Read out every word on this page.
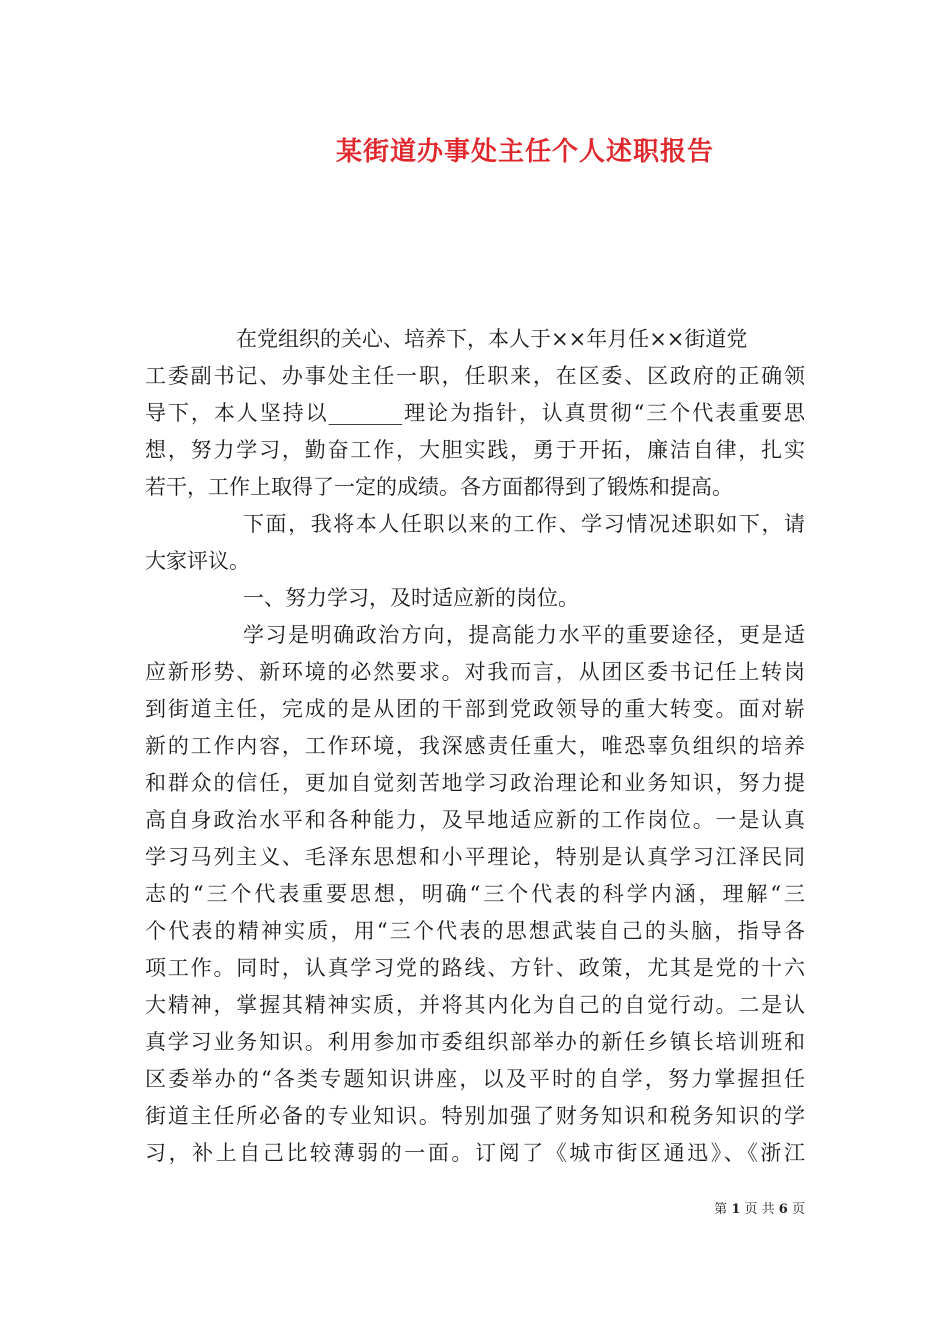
某街道办事处主任个人述职报告
在党组织的关心、培养下，本人于××年月任××街道党
工委副书记、办事处主任一职，任职来，在区委、区政府的正确领
导下，本人坚持以_______理论为指针，认真贯彻“三个代表重要思
想，努力学习，勤奋工作，大胆实践，勇于开拓，廉洁自律，扎实
若干，工作上取得了一定的成绩。各方面都得到了锻炼和提高。
下面，我将本人任职以来的工作、学习情况述职如下，请
大家评议。
一、努力学习，及时适应新的岗位。
学习是明确政治方向，提高能力水平的重要途径，更是适
应新形势、新环境的必然要求。对我而言，从团区委书记任上转岗
到街道主任，完成的是从团的干部到党政领导的重大转变。面对崭
新的工作内容，工作环境，我深感责任重大，唯恐辜负组织的培养
和群众的信任，更加自觉刻苦地学习政治理论和业务知识，努力提
高自身政治水平和各种能力，及早地适应新的工作岗位。一是认真
学习马列主义、毛泽东思想和小平理论，特别是认真学习江泽民同
志的“三个代表重要思想，明确“三个代表的科学内涵，理解“三
个代表的精神实质，用“三个代表的思想武装自己的头脑，指导各
项工作。同时，认真学习党的路线、方针、政策，尤其是党的十六
大精神，掌握其精神实质，并将其内化为自己的自觉行动。二是认
真学习业务知识。利用参加市委组织部举办的新任乡镇长培训班和
区委举办的“各类专题知识讲座，以及平时的自学，努力掌握担任
街道主任所必备的专业知识。特别加强了财务知识和税务知识的学
习，补上自己比较薄弱的一面。订阅了《城市街区通迅》、《浙江
第 1 页 共 6 页
